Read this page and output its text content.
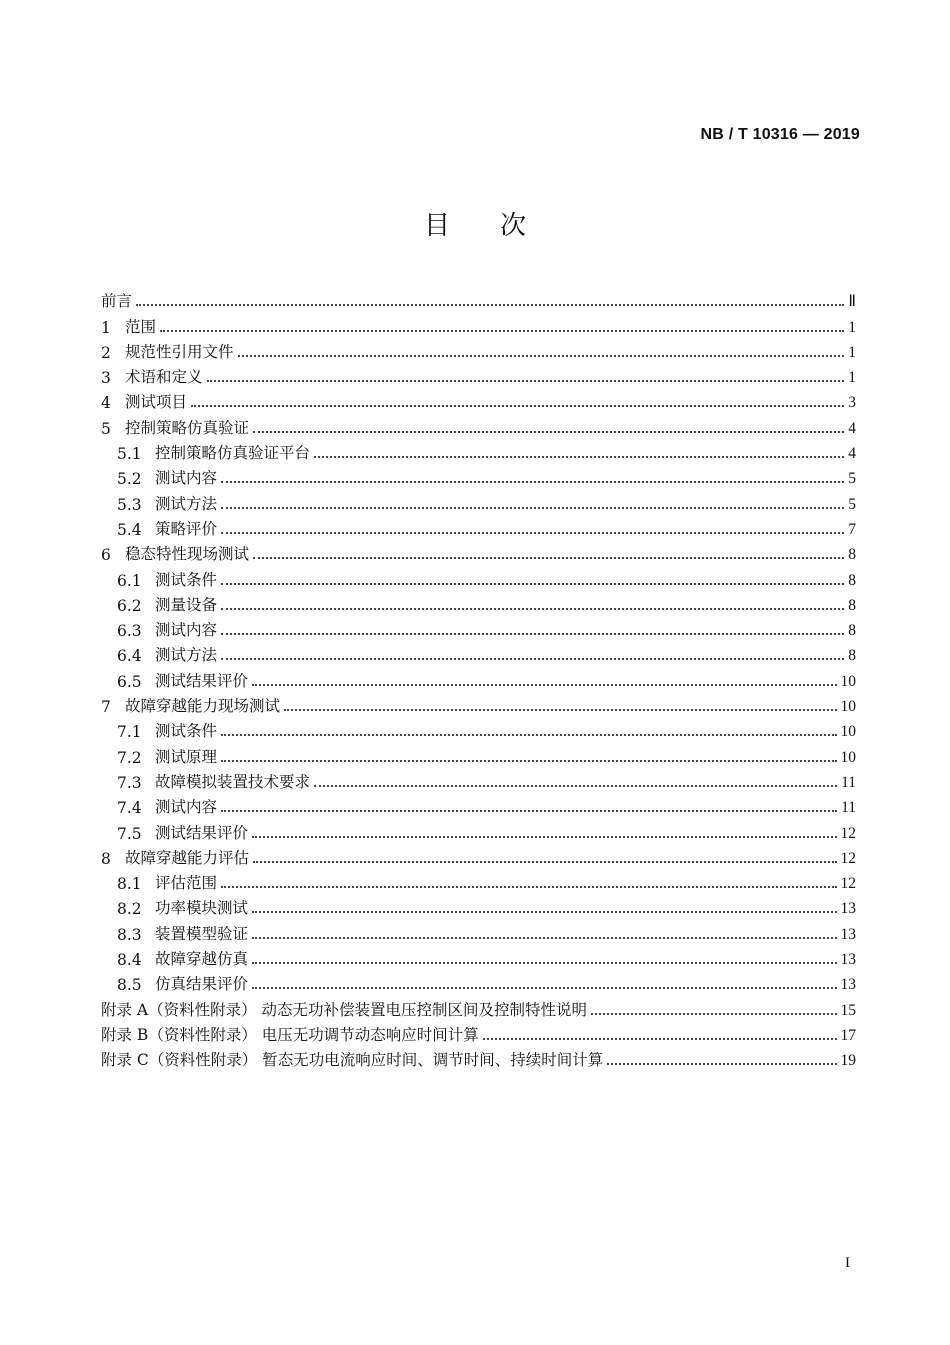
NB / T 10316 — 2019
目次
前言	Ⅱ
1 范围	1
2 规范性引用文件	1
3 术语和定义	1
4 测试项目	3
5 控制策略仿真验证	4
5.1 控制策略仿真验证平台	4
5.2 测试内容	5
5.3 测试方法	5
5.4 策略评价	7
6 稳态特性现场测试	8
6.1 测试条件	8
6.2 测量设备	8
6.3 测试内容	8
6.4 测试方法	8
6.5 测试结果评价	10
7 故障穿越能力现场测试	10
7.1 测试条件	10
7.2 测试原理	10
7.3 故障模拟装置技术要求	11
7.4 测试内容	11
7.5 测试结果评价	12
8 故障穿越能力评估	12
8.1 评估范围	12
8.2 功率模块测试	13
8.3 装置模型验证	13
8.4 故障穿越仿真	13
8.5 仿真结果评价	13
附录 A（资料性附录） 动态无功补偿装置电压控制区间及控制特性说明	15
附录 B（资料性附录） 电压无功调节动态响应时间计算	17
附录 C（资料性附录） 暂态无功电流响应时间、调节时间、持续时间计算	19
I
